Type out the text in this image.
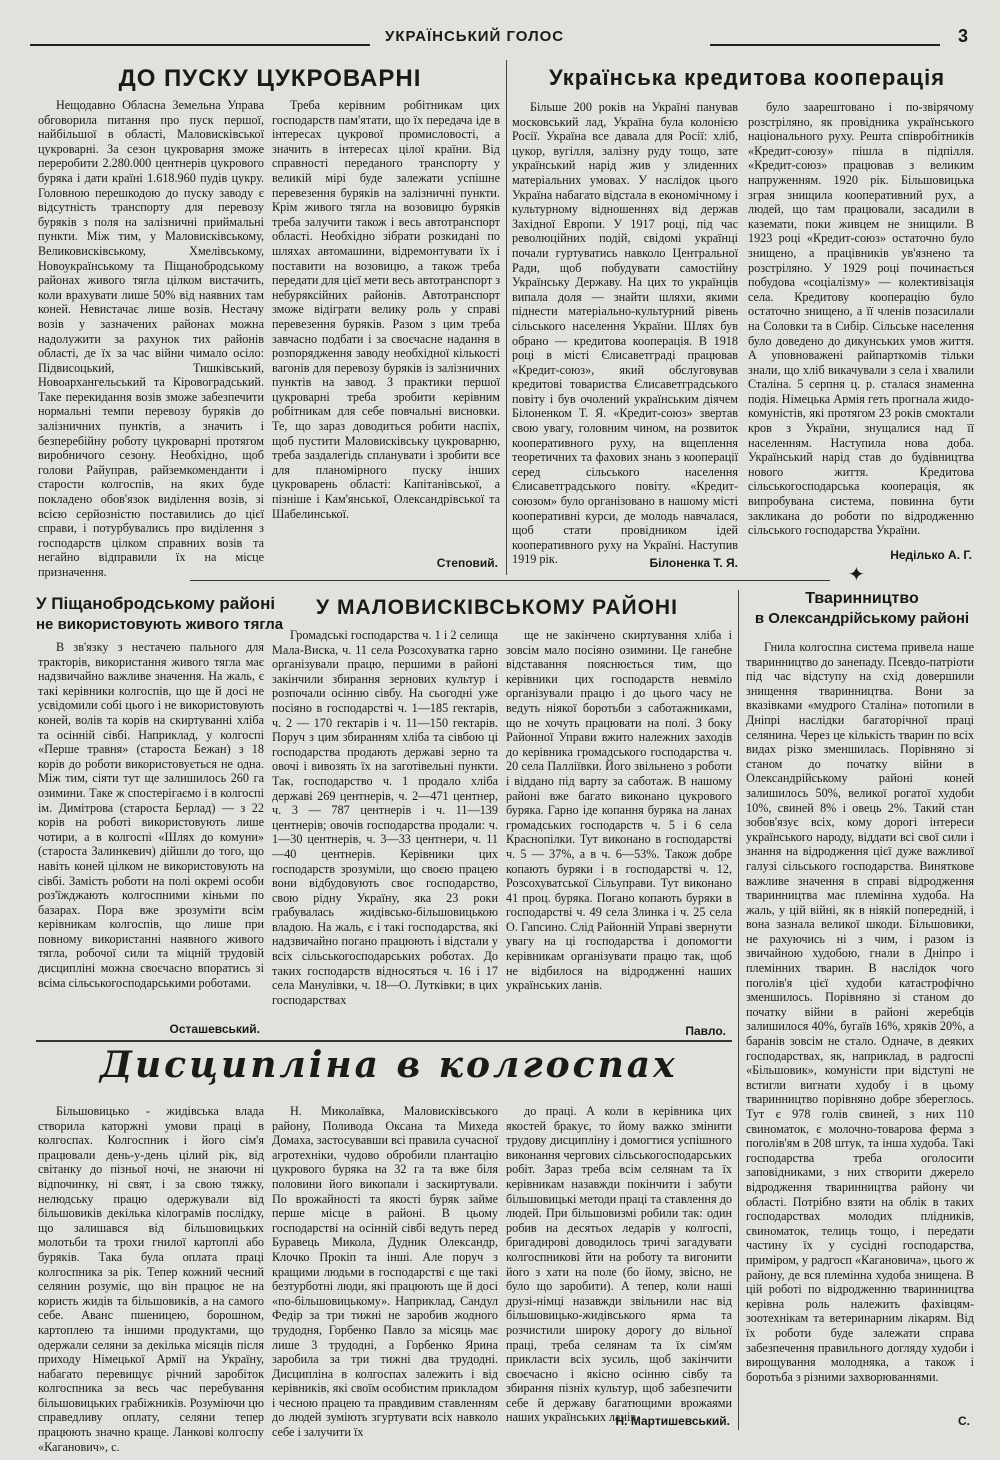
УКРАЇНСЬКИЙ ГОЛОС	3
ДО ПУСКУ ЦУКРОВАРНІ

Нещодавно Обласна Земельна Управа обговорила питання про пуск першої, найбільшої в області, Маловисківської цукроварні. За сезон цукроварня зможе переробити 2.280.000 центнерів цукрового буряка і дати країні 1.618.960 пудів цукру. Головною перешкодою до пуску заводу є відсутність транспорту для перевозу буряків з поля на залізничні приймальні пункти. Між тим, у Маловисківському, Великовисківському, Хмелівському, Новоукраїнському та Піщанобродському районах живого тягла цілком вистачить, коли врахувати лише 50% від наявних там коней. Невистачає лише возів. Нестачу возів у зазначених районах можна надолужити за рахунок тих районів області, де їх за час війни чимало осіло: Підвисоцький, Тишківський, Новоархангельський та Кіровоградський. Таке перекидання возів зможе забезпечити нормальні темпи перевозу буряків до залізничних пунктів, а значить і безперебійну роботу цукроварні протягом виробничого сезону. Необхідно, щоб голови Райуправ, райземкоменданти і старости колгоспів, на яких буде покладено обов'язок виділення возів, зі всією серйозністю поставились до цієї справи, і потурбувались про виділення з господарств цілком справних возів та негайно відправили їх на місце призначення.

Треба керівним робітникам цих господарств пам'ятати, що їх передача іде в інтересах цукрової промисловості, а значить в інтересах цілої країни. Від справності переданого транспорту у великій мірі буде залежати успішне перевезення буряків на залізничні пункти. Крім живого тягла на возовицю буряків треба залучити також і весь автотранспорт області. Необхідно зібрати розкидані по шляхах автомашини, відремонтувати їх і поставити на возовицю, а також треба передати для цієї мети весь автотранспорт з небуряксійних районів. Автотранспорт зможе відіграти велику роль у справі перевезення буряків. Разом з цим треба завчасно подбати і за своєчасне надання в розпорядження заводу необхідної кількості вагонів для перевозу буряків із залізничних пунктів на завод. З практики першої цукроварні треба зробити керівним робітникам для себе повчальні висновки. Те, що зараз доводиться робити наспіх, щоб пустити Маловисківську цукроварню, треба заздалегідь спланувати і зробити все для планомірного пуску інших цукроварень області: Капітанівської, а пізніше і Кам'янської, Олександрівської та Шабелинської.

Степовий.
Українська кредитова кооперація

Більше 200 років на Україні панував московський лад, Україна була колонією Росії. Україна все давала для Росії: хліб, цукор, вугілля, залізну руду тощо, зате український нарід жив у злиденних матеріальних умовах. У наслідок цього Україна набагато відстала в економічному і культурному відношеннях від держав Західної Европи. У 1917 році, під час революційних подій, свідомі українці почали гуртуватись навколо Центральної Ради, щоб побудувати самостійну Українську Державу. На цих то українців випала доля — знайти шляхи, якими піднести матеріально-культурний рівень сільського населення України. Шлях був обрано — кредитова кооперація. В 1918 році в місті Єлисаветграді працював «Кредит-союз», який обслуговував кредитові товариства Єлисаветградського повіту і був очолений українським діячем Білоненком Т. Я. «Кредит-союз» звертав свою увагу, головним чином, на розвиток кооперативного руху, на вщеплення теоретичних та фахових знань з кооперації серед сільського населення Єлисаветградського повіту. «Кредит-союзом» було організовано в нашому місті кооперативні курси, де молодь навчалася, щоб стати провідником ідей кооперативного руху на Україні. Наступив 1919 рік.	Білоненка Т. Я.

було заарештовано і по-звірячому розстріляно, як провідника українського національного руху. Решта співробітників «Кредит-союзу» пішла в підпілля. «Кредит-союз» працював з великим напруженням. 1920 рік. Більшовицька зграя знищила кооперативний рух, а людей, що там працювали, засадили в каземати, поки живцем не знищили. В 1923 році «Кредит-союз» остаточно було знищено, а працівників ув'язнено та розстріляно. У 1929 році починається побудова «соціалізму» — колективізація села. Кредитову кооперацію було остаточно знищено, а її членів позасилали на Соловки та в Сибір. Сільське населення було доведено до дикунських умов життя. А уповноважені райпарткомів тільки знали, що хліб викачували з села і хвалили Сталіна. 5 серпня ц. р. сталася знаменна подія. Німецька Армія геть прогнала жидо-комуністів, які протягом 23 років смоктали кров з України, знущалися над її населенням. Наступила нова доба. Український нарід став до будівництва нового життя. Кредитова сільськогосподарська кооперація, як випробувана система, повинна бути закликана до роботи по відродженню сільського господарства України.

Неділько А. Г.
✦
У Піщанобродському районі
не використовують живого тягла

В зв'язку з нестачею пального для тракторів, використання живого тягла має надзвичайно важливе значення. На жаль, є такі керівники колгоспів, що ще й досі не усвідомили собі цього і не використовують коней, волів та корів на скиртуванні хліба та осінній сівбі. Наприклад, у колгоспі «Перше травня» (староста Бежан) з 18 корів до роботи використовується не одна. Між тим, сіяти тут ще залишилось 260 га озимини. Таке ж спостерігаємо і в колгоспі ім. Димітрова (староста Берлад) — з 22 корів на роботі використовують лише чотири, а в колгоспі «Шлях до комуни» (староста Залинкевич) дійшли до того, що навіть коней цілком не використовують на сівбі. Замість роботи на полі окремі особи роз'їжджають колгоспними кіньми по базарах. Пора вже зрозуміти всім керівникам колгоспів, що лише при повному використанні наявного живого тягла, робочої сили та міцній трудовій дисципліні можна своєчасно впоратись зі всіма сільськогосподарськими роботами.

Осташевський.
У МАЛОВИСКІВСЬКОМУ РАЙОНІ

Громадські господарства ч. 1 і 2 селища Мала-Виска, ч. 11 села Розсохуватка гарно організували працю, першими в районі закінчили збирання зернових культур і розпочали осінню сівбу. На сьогодні уже посіяно в господарстві ч. 1—185 гектарів, ч. 2 — 170 гектарів і ч. 11—150 гектарів. Поруч з цим збиранням хліба та сівбою ці господарства продають державі зерно та овочі і вивозять їх на заготівельні пункти. Так, господарство ч. 1 продало хліба державі 269 центнерів, ч. 2—471 центнер, ч. 3 — 787 центнерів і ч. 11—139 центнерів; овочів господарства продали: ч. 1—30 центнерів, ч. 3—33 центнери, ч. 11—40 центнерів. Керівники цих господарств зрозуміли, що своєю працею вони відбудовують своє господарство, свою рідну Україну, яка 23 роки грабувалась жидівсько-більшовицькою владою. На жаль, є і такі господарства, які надзвичайно погано працюють і відстали у всіх сільськогосподарських роботах. До таких господарств відносяться ч. 16 і 17 села Манулівки, ч. 18—О. Лутківки; в цих господарствах

ще не закінчено скиртування хліба і зовсім мало посіяно озимини. Це ганебне відставання пояснюється тим, що керівники цих господарств невміло організували працю і до цього часу не ведуть ніякої боротьби з саботажниками, що не хочуть працювати на полі. З боку Районної Управи вжито належних заходів до керівника громадського господарства ч. 20 села Палліївки. Його звільнено з роботи і віддано під варту за саботаж. В нашому районі вже багато виконано цукрового буряка. Гарно іде копання буряка на ланах громадських господарств ч. 5 і 6 села Краснопілки. Тут виконано в господарстві ч. 5 — 37%, а в ч. 6—53%. Також добре копають буряки і в господарстві ч. 12, Розсохуватської Сільуправи. Тут виконано 41 проц. буряка. Погано копають буряки в господарстві ч. 49 села Злинка і ч. 25 села О. Гапсино. Слід Районній Управі звернути увагу на ці господарства і допомогти керівникам організувати працю так, щоб не відбилося на відродженні наших українських ланів.

Павло.
Тваринництво
в Олександрійському районі

Гнила колгоспна система привела наше тваринництво до занепаду. Псевдо-патріоти під час відступу на схід довершили знищення тваринництва. Вони за вказівками «мудрого Сталіна» потопили в Дніпрі наслідки багаторічної праці селянина. Через це кількість тварин по всіх видах різко зменшилась. Порівняно зі станом до початку війни в Олександрійському районі коней залишилось 50%, великої рогатої худоби 10%, свиней 8% і овець 2%. Такий стан зобов'язує всіх, кому дорогі інтереси українського народу, віддати всі свої сили і знання на відродження цієї дуже важливої галузі сільського господарства. Виняткове важливе значення в справі відродження тваринництва має племінна худоба. На жаль, у цій війні, як в ніякій попередній, і вона зазнала великої шкоди. Більшовики, не рахуючись ні з чим, і разом із звичайною худобою, гнали в Дніпро і племінних тварин. В наслідок чого поголів'я цієї худоби катастрофічно зменшилось. Порівняно зі станом до початку війни в районі жеребців залишилося 40%, бугаїв 16%, хряків 20%, а баранів зовсім не стало. Одначе, в деяких господарствах, як, наприклад, в радгоспі «Більшовик», комуністи при відступі не встигли вигнати худобу і в цьому тваринництво порівняно добре збереглось. Тут є 978 голів свиней, з них 110 свиноматок, є молочно-товарова ферма з поголів'ям в 208 штук, та інша худоба. Такі господарства треба оголосити заповідниками, з них створити джерело відродження тваринництва району чи області. Потрібно взяти на облік в таких господарствах молодих плідників, свиноматок, телиць тощо, і передати частину їх у сусідні господарства, приміром, у радгосп «Кагановича», цього ж району, де вся племінна худоба знищена. В цій роботі по відродженню тваринництва керівна роль належить фахівцям-зоотехнікам та ветеринарним лікарям. Від їх роботи буде залежати справа забезпечення правильного догляду худоби і вирощування молодняка, а також і боротьба з різними захворюваннями.

С.
Дисципліна в колгоспах

Більшовицько - жидівська влада створила каторжні умови праці в колгоспах. Колгоспник і його сім'я працювали день-у-день цілий рік, від світанку до пізньої ночі, не знаючи ні відпочинку, ні свят, і за свою тяжку, нелюдську працю одержували від більшовиків декілька кілограмів послідку, що залишався від більшовицьких молотьби та трохи гнилої картоплі або буряків. Така була оплата праці колгоспника за рік. Тепер кожний чесний селянин розуміє, що він працює не на користь жидів та більшовиків, а на самого себе. Аванс пшеницею, борошном, картоплею та іншими продуктами, що одержали селяни за декілька місяців після приходу Німецької Армії на Україну, набагато перевищує річний заробіток колгоспника за весь час перебування більшовицьких грабіжників. Розуміючи цю справедливу оплату, селяни тепер працюють значно краще. Ланкові колгоспу «Каганович», с.

Н. Миколаївка, Маловисківського району, Поливода Оксана та Михеда Домаха, застосувавши всі правила сучасної агротехніки, чудово обробили плантацію цукрового буряка на 32 га та вже біля половини його викопали і заскиртували. По врожайності та якості буряк займе перше місце в районі. В цьому господарстві на осінній сівбі ведуть перед Буравець Микола, Дудник Олександр, Клочко Прокіп та інші. Але поруч з кращими людьми в господарстві є ще такі безтурботні люди, які працюють ще й досі «по-більшовицькому». Наприклад, Сандул Федір за три тижні не заробив жодного трудодня, Горбенко Павло за місяць має лише 3 трудодні, а Горбенко Ярина заробила за три тижні два трудодні. Дисципліна в колгоспах залежить і від керівників, які своїм особистим прикладом і чесною працею та правдивим ставленням до людей зуміють згуртувати всіх навколо себе і залучити їх

до праці. А коли в керівника цих якостей бракує, то йому важко змінити трудову дисципліну і домогтися успішного виконання чергових сільськогосподарських робіт. Зараз треба всім селянам та їх керівникам назавжди покінчити і забути більшовицькі методи праці та ставлення до людей. При більшовизмі робили так: один робив на десятьох ледарів у колгоспі, бригадирові доводилось тричі загадувати колгоспникові йти на роботу та вигонити його з хати на поле (бо йому, звісно, не було що заробити). А тепер, коли наші друзі-німці назавжди звільнили нас від більшовицько-жидівського ярма та розчистили широку дорогу до вільної праці, треба селянам та їх сім'ям прикласти всіх зусиль, щоб закінчити своєчасно і якісно осінню сівбу та збирання пізніх культур, щоб забезпечити себе й державу багатющими врожаями наших українських ланів.

Н. Мартишевський.
